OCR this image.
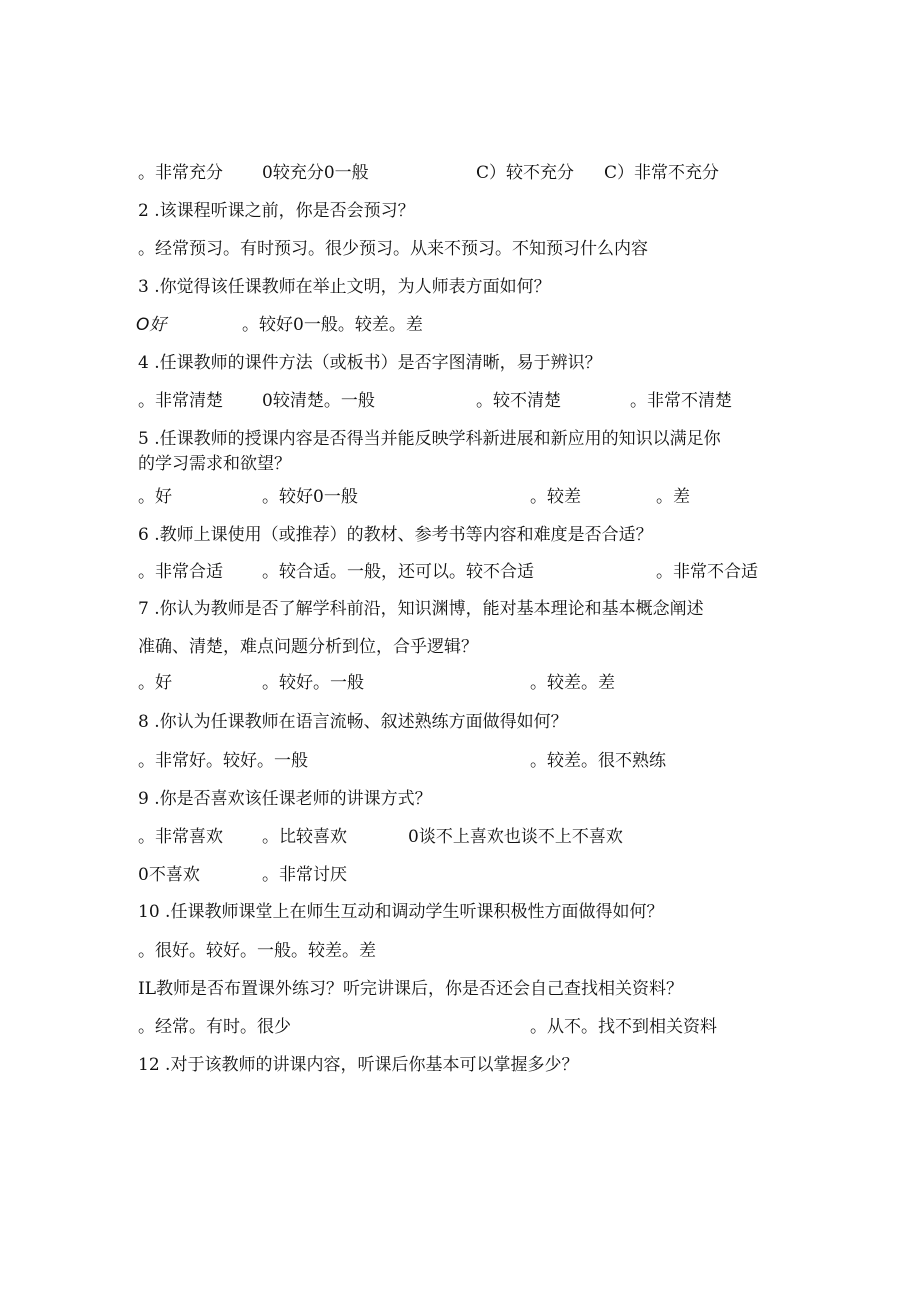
。非常充分

0较充分0一般

	C）较不充分

C）非常不充分

2 .该课程听课之前，你是否会预习？

。经常预习。有时预习。很少预习。从来不预习。不知预习什么内容

3 .你觉得该任课教师在举止文明，为人师表方面如何？

O好

	。较好0一般。较差。差

4 .任课教师的课件方法（或板书）是否字图清晰，易于辨识？

。非常清楚

0较清楚。一般

	。较不清楚

	。非常不清楚

5 .任课教师的授课内容是否得当并能反映学科新进展和新应用的知识以满足你

的学习需求和欲望？

。好

	。较好0一般

	。较差

	。差

6 .教师上课使用（或推荐）的教材、参考书等内容和难度是否合适？

。非常合适

。较合适。一般，还可以。较不合适

	。非常不合适

7 .你认为教师是否了解学科前沿，知识渊博，能对基本理论和基本概念阐述

准确、清楚，难点问题分析到位，合乎逻辑？

。好

	。较好。一般

	。较差。差

8 .你认为任课教师在语言流畅、叙述熟练方面做得如何？

。非常好。较好。一般

	。较差。很不熟练

9 .你是否喜欢该任课老师的讲课方式？

。非常喜欢

。比较喜欢

	0谈不上喜欢也谈不上不喜欢

0不喜欢

	。非常讨厌

10 .任课教师课堂上在师生互动和调动学生听课积极性方面做得如何？

。很好。较好。一般。较差。差

IL教师是否布置课外练习？听完讲课后，你是否还会自己查找相关资料？

。经常。有时。很少

	。从不。找不到相关资料

12 .对于该教师的讲课内容，听课后你基本可以掌握多少？
